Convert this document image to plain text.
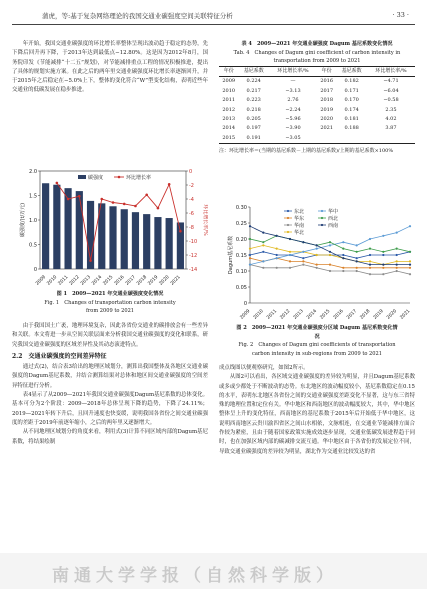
蒲虎，等:基于复杂网络理论的我国交通业碳强度空间关联特征分析	· 33 ·

年开始，我国交通业碳强度的环比增长率整体呈现出波动趋于稳定的态势，先下降后回升再下降，于2013年达到最低点−12.80%。这是因为2012年8月，国务院印发《节能减排“十二五”规划》，对节能减排重点工程的情况积极推进，提出了具体的规划实施方案。在此之后的两年里交通业碳强度环比增长率逐渐回升，并于2015年之后稳定在−5.0%上下，整体的变化符合“W”型变化结构，表明近些年交通业的低碳发展在稳步推进。

0
0.5
1.0
1.5
2.0	0
-2
-4
-6
-8
-10
-12
-14
2009 2010 2011 2012 2013 2014 2015 2016 2017 2018 2019 2020 2021
碳强度/(t/万元)	环比增长率/%
碳强度	环比增长率
图 1　2009—2021 年交通业碳强度变化情况
Fig. 1　Changes of transportation carbon intensity from 2009 to 2021

由于我国国土广袤，地理环境复杂，因此各省份交通业的碳排放会有一些差异和关联。本文将进一步从空间关联层面来分析我国交通业碳强度的变化和联系，研究我国交通业碳强度的区域差异性及其动态演进特点。

2.2　交通业碳强度的空间差异特征

通过式(2)，结合表3给出的地理区域划分，测算出我国整体及各地区交通业碳强度的Dagum基尼系数，并结合测算结果对总体和地区间交通业碳强度的空间差异特征进行分析。

表4显示了从2009—2021年我国交通业碳强度Dagum基尼系数的总体变化。基本可分为2个阶段：2009—2018年总体呈现下降的趋势，下降了24.11%；2019—2021年转下升后，且回升速度也快变缓，说明我国各省份之间交通业碳强度的差距于2019年前逐年缩小，之后的两年里又逐渐增大。

从不同地理区域划分的角度来看，利用式(3)计算不同区域内部的Dagum基尼系数，将结果绘制

表 4　2009—2021 年交通业碳强度 Dagum 基尼系数变化情况
Tab. 4　Changes of Dagum gini coefficient of carbon intensity in transportation from 2009 to 2021
年份	基尼系数	环比增长率/%	年份	基尼系数	环比增长率/%
2009	0.224	—	2016	0.182	−4.71
2010	0.217	−3.13	2017	0.171	−6.04
2011	0.223	2.76	2018	0.170	−0.58
2012	0.218	−2.24	2019	0.174	2.35
2013	0.205	−5.96	2020	0.181	4.02
2014	0.197	−3.90	2021	0.188	3.87
2015	0.191	−3.05			
注：环比增长率＝(当期的基尼系数－上期的基尼系数)/上期的基尼系数×100%
0
0.05
0.10
0.15
0.20
0.25
0.30
2009 2010 2011 2012 2013 2014 2015 2016 2017 2018 2019 2020 2021
Dagum基尼系数
东北
华东
华南
华北
华中
西北
西南
图 2　2009—2021 年交通业碳强度分区域 Dagum 基尼系数变化情况
Fig. 2　Changes of Dagum gini coefficients of transportation carbon intensity in sub-regions from 2009 to 2021

成点线图以便观察研究，如图2所示。

从图2可以看出，各区域交通业碳强度的差异较为明显，并且Dagum基尼系数或多或少都处于不断波动的态势。东北地区的波动幅度较小，基尼系数稳定在0.15的水平，表明东北地区各省份之间的交通业碳强度差距变化不显著，这与东三省特殊的地理位置和定位有关。华中地区和西南地区的波动幅度较大，其中，华中地区整体呈上升的变化特征，西南地区的基尼系数于2015年后开始低于华中地区，这说明西南地区云贵川渝四省区之间山水相依，文脉相连，在交通业节能减排方面合作较为紧密，且由于随着国家政策实施成效逐步显现，交通业低碳发展进程趋于同时，也在加强区域内部的碳减排交流互通。华中地区由于各省份的发展定位不同，导致交通业碳强度的差异较为明显，湖北作为交通业比较发达的省

南通大学学报（自然科学版）
